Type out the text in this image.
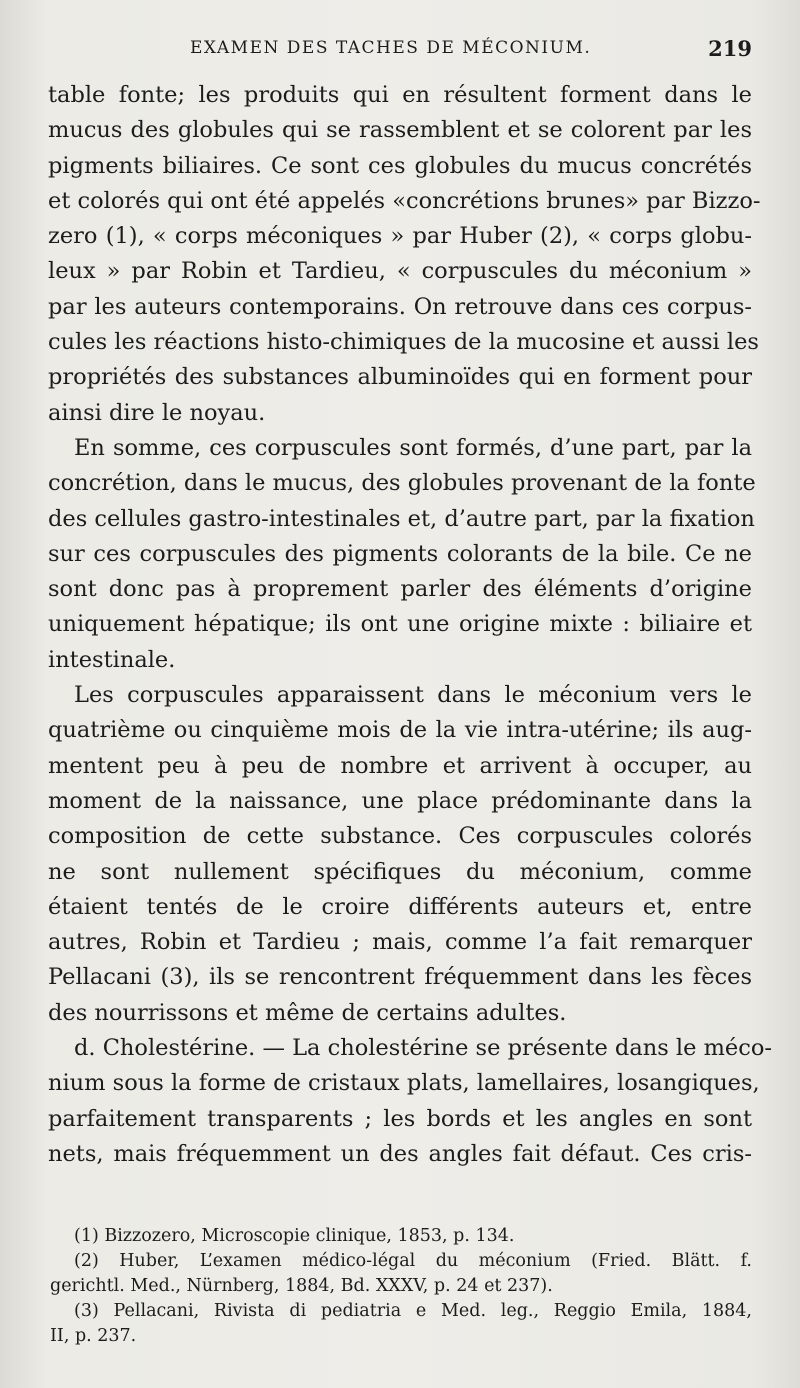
EXAMEN DES TACHES DE MÉCONIUM.	219
table fonte; les produits qui en résultent forment dans le
mucus des globules qui se rassemblent et se colorent par les
pigments biliaires. Ce sont ces globules du mucus concrétés
et colorés qui ont été appelés «concrétions brunes» par Bizzo-
zero (1), « corps méconiques » par Huber (2), « corps globu-
leux » par Robin et Tardieu, « corpuscules du méconium »
par les auteurs contemporains. On retrouve dans ces corpus-
cules les réactions histo-chimiques de la mucosine et aussi les
propriétés des substances albuminoïdes qui en forment pour
ainsi dire le noyau.
En somme, ces corpuscules sont formés, d’une part, par la
concrétion, dans le mucus, des globules provenant de la fonte
des cellules gastro-intestinales et, d’autre part, par la fixation
sur ces corpuscules des pigments colorants de la bile. Ce ne
sont donc pas à proprement parler des éléments d’origine
uniquement hépatique; ils ont une origine mixte : biliaire et
intestinale.
Les corpuscules apparaissent dans le méconium vers le
quatrième ou cinquième mois de la vie intra-utérine; ils aug-
mentent peu à peu de nombre et arrivent à occuper, au
moment de la naissance, une place prédominante dans la
composition de cette substance. Ces corpuscules colorés
ne sont nullement spécifiques du méconium, comme
étaient tentés de le croire différents auteurs et, entre
autres, Robin et Tardieu ; mais, comme l’a fait remarquer
Pellacani (3), ils se rencontrent fréquemment dans les fèces
des nourrissons et même de certains adultes.
d. Cholestérine. — La cholestérine se présente dans le méco-
nium sous la forme de cristaux plats, lamellaires, losangiques,
parfaitement transparents ; les bords et les angles en sont
nets, mais fréquemment un des angles fait défaut. Ces cris-
(1) Bizzozero, Microscopie clinique, 1853, p. 134.
(2) Huber, L’examen médico-légal du méconium (Fried. Blätt. f.
gerichtl. Med., Nürnberg, 1884, Bd. XXXV, p. 24 et 237).
(3) Pellacani, Rivista di pediatria e Med. leg., Reggio Emila, 1884,
II, p. 237.
